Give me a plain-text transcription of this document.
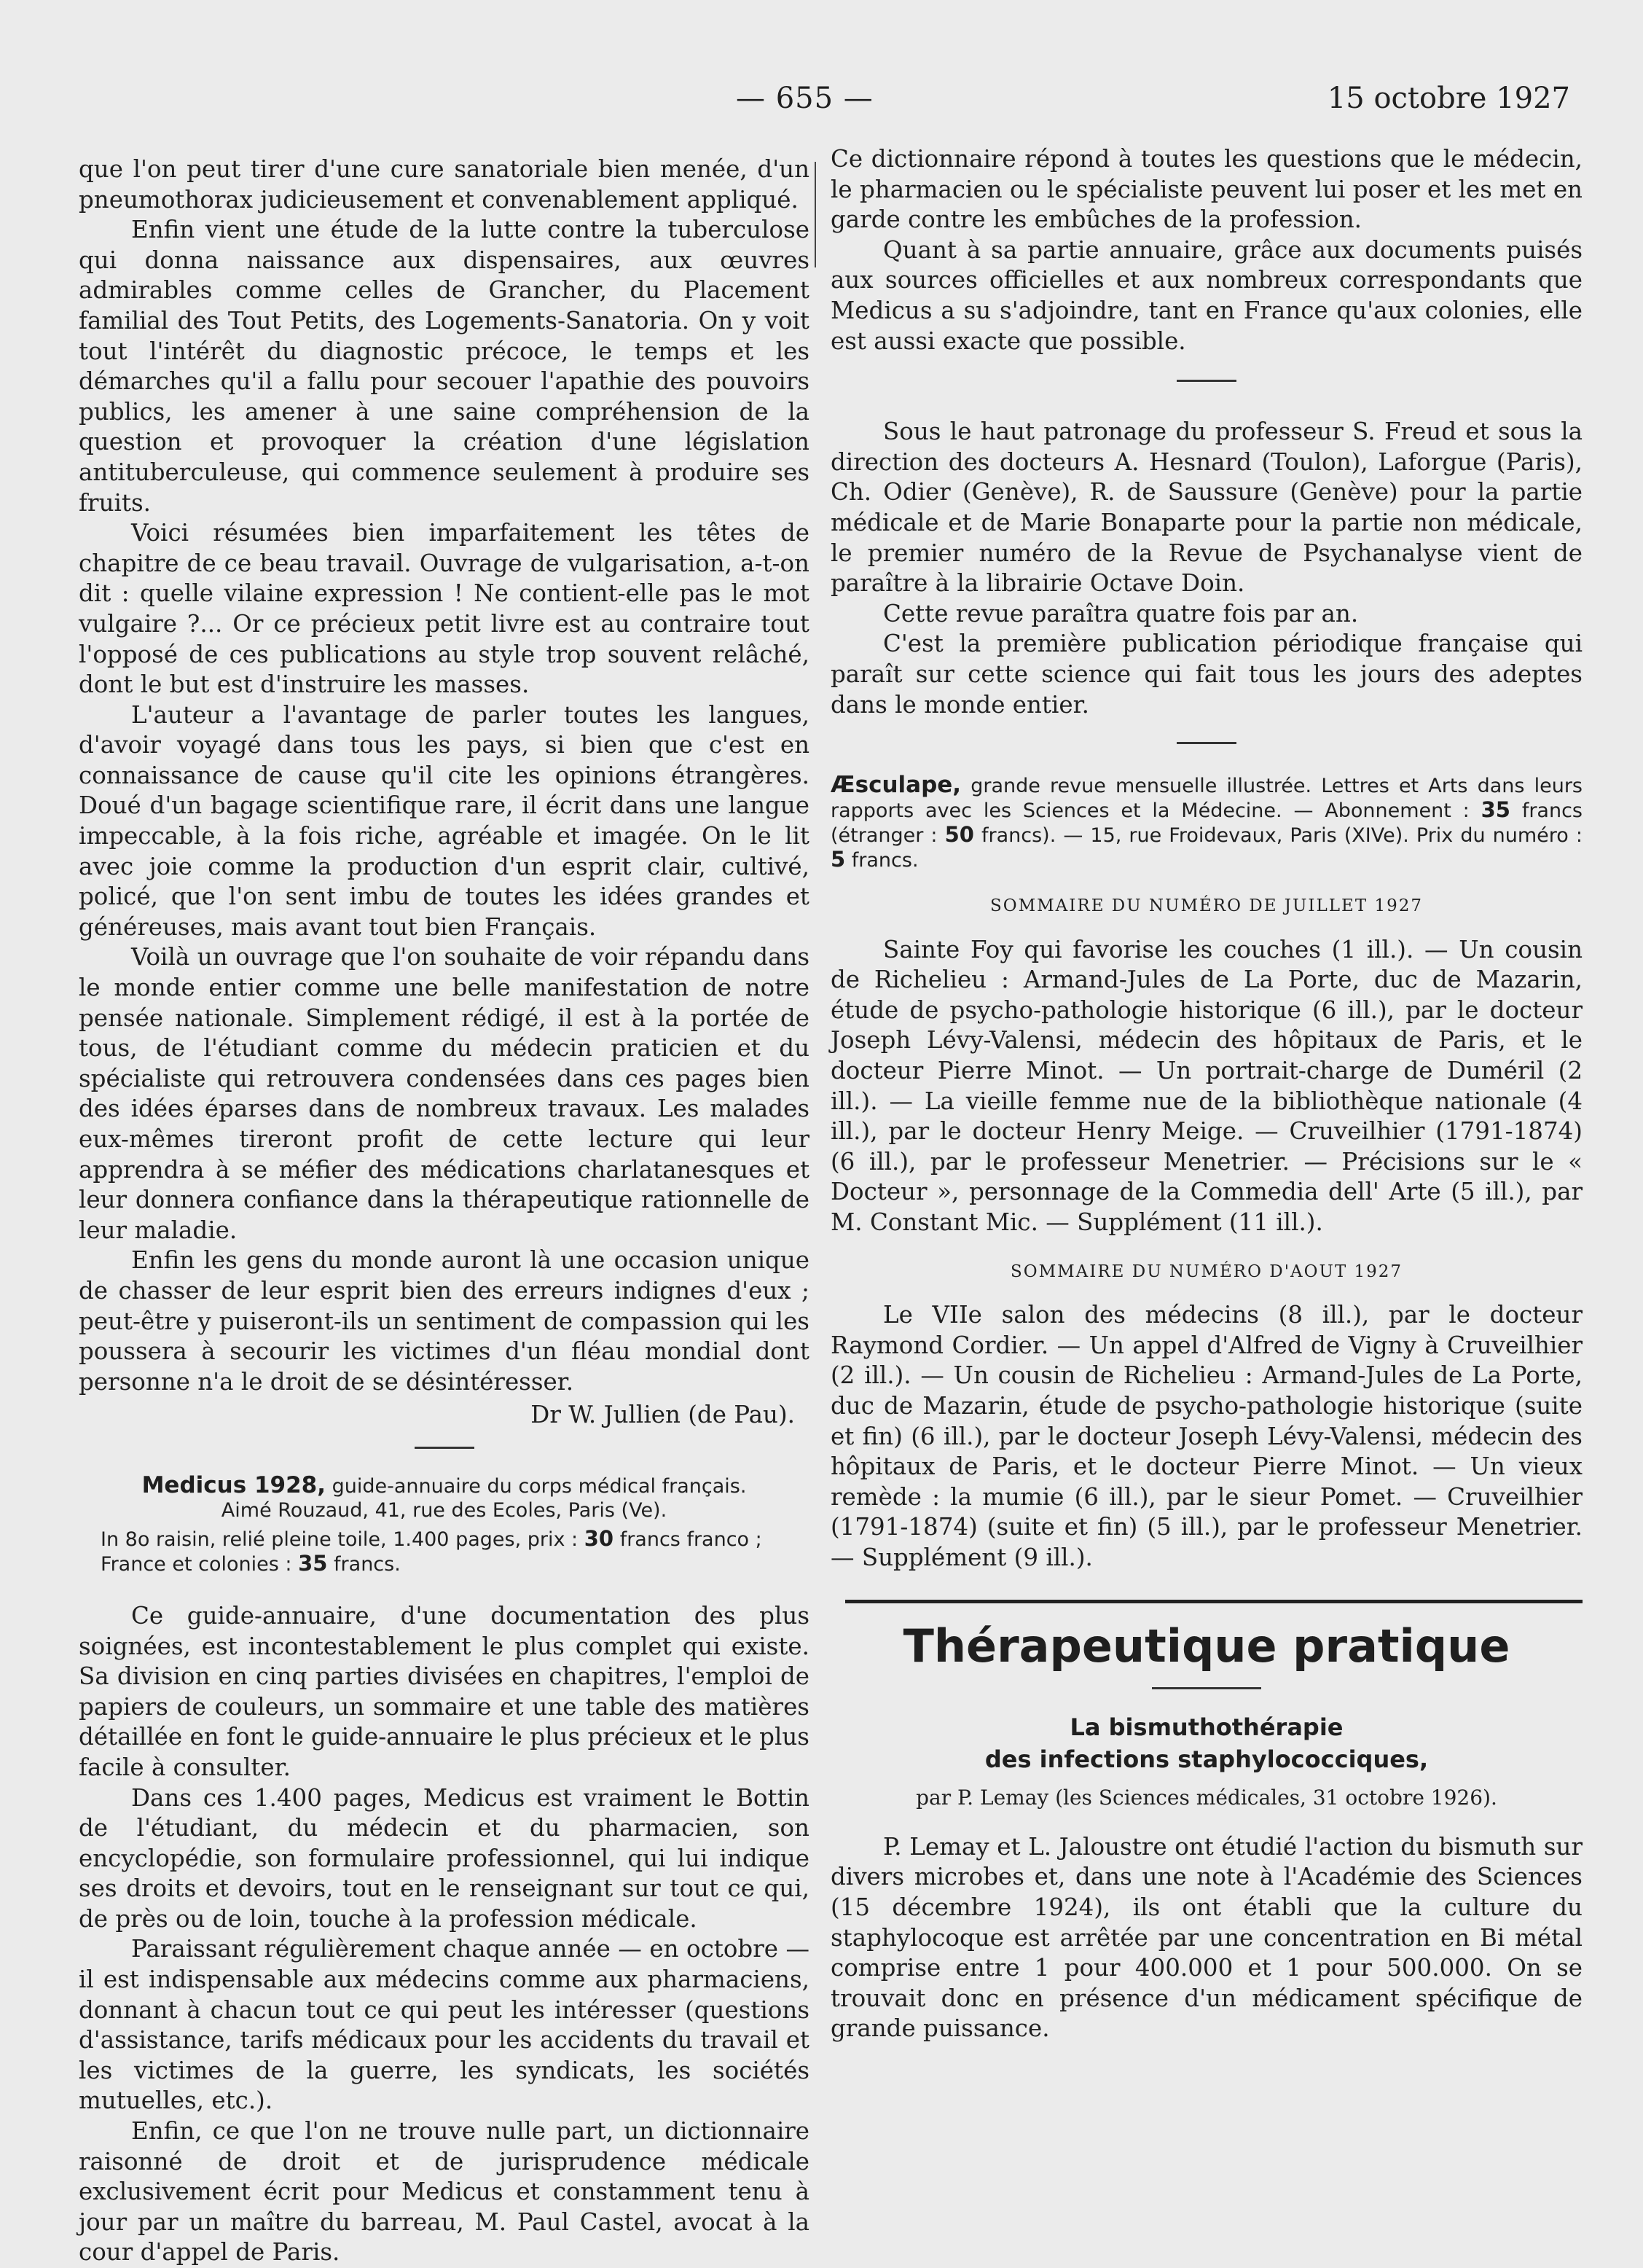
— 655 —	15 octobre 1927

que l'on peut tirer d'une cure sanatoriale bien menée, d'un pneumothorax judicieusement et convenablement appliqué.

Enfin vient une étude de la lutte contre la tuberculose qui donna naissance aux dispensaires, aux œuvres admirables comme celles de Grancher, du Placement familial des Tout Petits, des Logements-Sanatoria. On y voit tout l'intérêt du diagnostic précoce, le temps et les démarches qu'il a fallu pour secouer l'apathie des pouvoirs publics, les amener à une saine compréhension de la question et provoquer la création d'une législation antituberculeuse, qui commence seulement à produire ses fruits.

Voici résumées bien imparfaitement les têtes de chapitre de ce beau travail. Ouvrage de vulgarisation, a-t-on dit : quelle vilaine expression ! Ne contient-elle pas le mot vulgaire ?... Or ce précieux petit livre est au contraire tout l'opposé de ces publications au style trop souvent relâché, dont le but est d'instruire les masses.

L'auteur a l'avantage de parler toutes les langues, d'avoir voyagé dans tous les pays, si bien que c'est en connaissance de cause qu'il cite les opinions étrangères. Doué d'un bagage scientifique rare, il écrit dans une langue impeccable, à la fois riche, agréable et imagée. On le lit avec joie comme la production d'un esprit clair, cultivé, policé, que l'on sent imbu de toutes les idées grandes et généreuses, mais avant tout bien Français.

Voilà un ouvrage que l'on souhaite de voir répandu dans le monde entier comme une belle manifestation de notre pensée nationale. Simplement rédigé, il est à la portée de tous, de l'étudiant comme du médecin praticien et du spécialiste qui retrouvera condensées dans ces pages bien des idées éparses dans de nombreux travaux. Les malades eux-mêmes tireront profit de cette lecture qui leur apprendra à se méfier des médications charlatanesques et leur donnera confiance dans la thérapeutique rationnelle de leur maladie.

Enfin les gens du monde auront là une occasion unique de chasser de leur esprit bien des erreurs indignes d'eux ; peut-être y puiseront-ils un sentiment de compassion qui les poussera à secourir les victimes d'un fléau mondial dont personne n'a le droit de se désintéresser.

Dr W. Jullien (de Pau).

Medicus 1928, guide-annuaire du corps médical français.
Aimé Rouzaud, 41, rue des Ecoles, Paris (Ve).
In 8o raisin, relié pleine toile, 1.400 pages, prix : 30 francs franco ;
France et colonies : 35 francs.

Ce guide-annuaire, d'une documentation des plus soignées, est incontestablement le plus complet qui existe. Sa division en cinq parties divisées en chapitres, l'emploi de papiers de couleurs, un sommaire et une table des matières détaillée en font le guide-annuaire le plus précieux et le plus facile à consulter.

Dans ces 1.400 pages, Medicus est vraiment le Bottin de l'étudiant, du médecin et du pharmacien, son encyclopédie, son formulaire professionnel, qui lui indique ses droits et devoirs, tout en le renseignant sur tout ce qui, de près ou de loin, touche à la profession médicale.

Paraissant régulièrement chaque année — en octobre — il est indispensable aux médecins comme aux pharmaciens, donnant à chacun tout ce qui peut les intéresser (questions d'assistance, tarifs médicaux pour les accidents du travail et les victimes de la guerre, les syndicats, les sociétés mutuelles, etc.).

Enfin, ce que l'on ne trouve nulle part, un dictionnaire raisonné de droit et de jurisprudence médicale exclusivement écrit pour Medicus et constamment tenu à jour par un maître du barreau, M. Paul Castel, avocat à la cour d'appel de Paris.

Ce dictionnaire répond à toutes les questions que le médecin, le pharmacien ou le spécialiste peuvent lui poser et les met en garde contre les embûches de la profession.

Quant à sa partie annuaire, grâce aux documents puisés aux sources officielles et aux nombreux correspondants que Medicus a su s'adjoindre, tant en France qu'aux colonies, elle est aussi exacte que possible.

Sous le haut patronage du professeur S. Freud et sous la direction des docteurs A. Hesnard (Toulon), Laforgue (Paris), Ch. Odier (Genève), R. de Saussure (Genève) pour la partie médicale et de Marie Bonaparte pour la partie non médicale, le premier numéro de la Revue de Psychanalyse vient de paraître à la librairie Octave Doin.

Cette revue paraîtra quatre fois par an.

C'est la première publication périodique française qui paraît sur cette science qui fait tous les jours des adeptes dans le monde entier.

Æsculape, grande revue mensuelle illustrée. Lettres et Arts dans leurs rapports avec les Sciences et la Médecine. — Abonnement : 35 francs (étranger : 50 francs). — 15, rue Froidevaux, Paris (XIVe). Prix du numéro : 5 francs.
SOMMAIRE DU NUMÉRO DE JUILLET 1927

Sainte Foy qui favorise les couches (1 ill.). — Un cousin de Richelieu : Armand-Jules de La Porte, duc de Mazarin, étude de psycho-pathologie historique (6 ill.), par le docteur Joseph Lévy-Valensi, médecin des hôpitaux de Paris, et le docteur Pierre Minot. — Un portrait-charge de Duméril (2 ill.). — La vieille femme nue de la bibliothèque nationale (4 ill.), par le docteur Henry Meige. — Cruveilhier (1791-1874) (6 ill.), par le professeur Menetrier. — Précisions sur le « Docteur », personnage de la Commedia dell' Arte (5 ill.), par M. Constant Mic. — Supplément (11 ill.).

SOMMAIRE DU NUMÉRO D'AOUT 1927

Le VIIe salon des médecins (8 ill.), par le docteur Raymond Cordier. — Un appel d'Alfred de Vigny à Cruveilhier (2 ill.). — Un cousin de Richelieu : Armand-Jules de La Porte, duc de Mazarin, étude de psycho-pathologie historique (suite et fin) (6 ill.), par le docteur Joseph Lévy-Valensi, médecin des hôpitaux de Paris, et le docteur Pierre Minot. — Un vieux remède : la mumie (6 ill.), par le sieur Pomet. — Cruveilhier (1791-1874) (suite et fin) (5 ill.), par le professeur Menetrier. — Supplément (9 ill.).

Thérapeutique pratique
La bismuthothérapie
des infections staphylococciques,

par P. Lemay (les Sciences médicales, 31 octobre 1926).

P. Lemay et L. Jaloustre ont étudié l'action du bismuth sur divers microbes et, dans une note à l'Académie des Sciences (15 décembre 1924), ils ont établi que la culture du staphylocoque est arrêtée par une concentration en Bi métal comprise entre 1 pour 400.000 et 1 pour 500.000. On se trouvait donc en présence d'un médicament spécifique de grande puissance.
